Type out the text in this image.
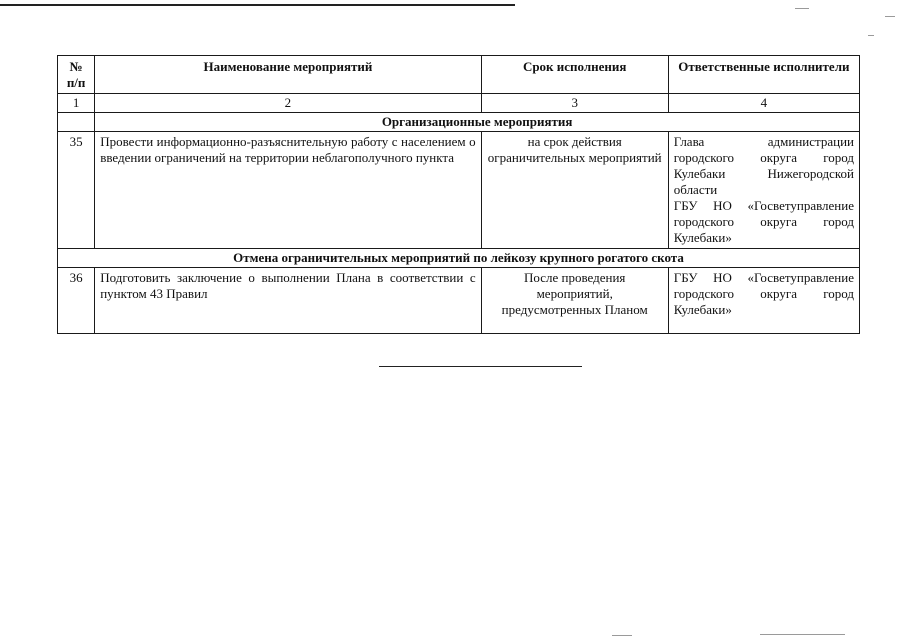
№ п/п	Наименование мероприятий	Срок исполнения	Ответственные исполнители
1	2	3	4
	Организационные мероприятия		
35	Провести информационно-разъяснительную работу с населением о введении ограничений на территории неблагополучного пункта	на срок действия ограничительных мероприятий	Глава администрации городского округа город Кулебаки Нижегородской области
ГБУ НО «Госветуправление городского округа город Кулебаки»

Отмена ограничительных мероприятий по лейкозу крупного рогатого скота			
36	Подготовить заключение о выполнении Плана в соответствии с пунктом 43 Правил	После проведения мероприятий, предусмотренных Планом	ГБУ НО «Госветуправление городского округа город Кулебаки»
